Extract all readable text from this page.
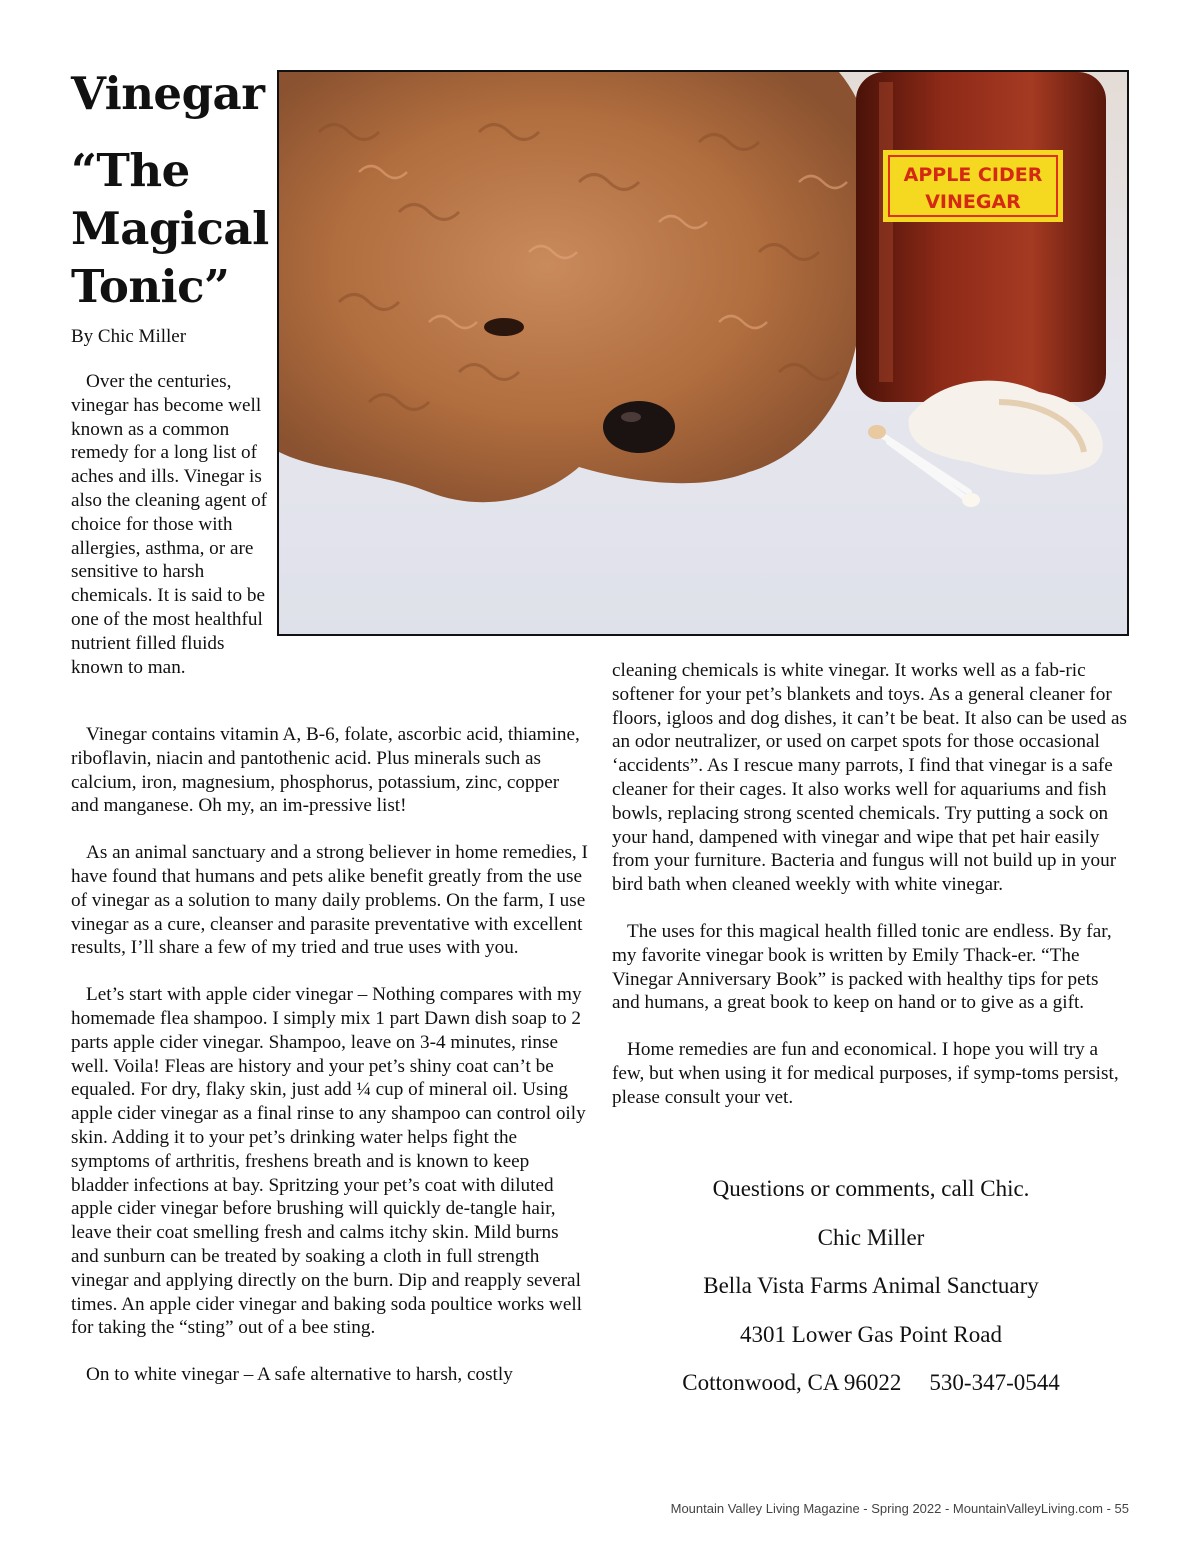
Vinegar
“The Magical Tonic”
By Chic Miller

Over the centuries, vinegar has become well known as a common remedy for a long list of aches and ills. Vinegar is also the cleaning agent of choice for those with allergies, asthma, or are sensitive to harsh chemicals. It is said to be one of the most healthful nutrient filled fluids known to man.

Vinegar contains vitamin A, B-6, folate, ascorbic acid, thiamine, riboflavin, niacin and pantothenic acid. Plus minerals such as calcium, iron, magnesium, phosphorus, potassium, zinc, copper and manganese. Oh my, an im-pressive list!

As an animal sanctuary and a strong believer in home remedies, I have found that humans and pets alike benefit greatly from the use of vinegar as a solution to many daily problems. On the farm, I use vinegar as a cure, cleanser and parasite preventative with excellent results, I’ll share a few of my tried and true uses with you.

Let’s start with apple cider vinegar – Nothing compares with my homemade flea shampoo. I simply mix 1 part Dawn dish soap to 2 parts apple cider vinegar. Shampoo, leave on 3-4 minutes, rinse well. Voila! Fleas are history and your pet’s shiny coat can’t be equaled. For dry, flaky skin, just add ¼ cup of mineral oil. Using apple cider vinegar as a final rinse to any shampoo can control oily skin. Adding it to your pet’s drinking water helps fight the symptoms of arthritis, freshens breath and is known to keep bladder infections at bay. Spritzing your pet’s coat with diluted apple cider vinegar before brushing will quickly de-tangle hair, leave their coat smelling fresh and calms itchy skin. Mild burns and sunburn can be treated by soaking a cloth in full strength vinegar and applying directly on the burn. Dip and reapply several times. An apple cider vinegar and baking soda poultice works well for taking the “sting” out of a bee sting.

On to white vinegar – A safe alternative to harsh, costly

cleaning chemicals is white vinegar. It works well as a fab-ric softener for your pet’s blankets and toys. As a general cleaner for floors, igloos and dog dishes, it can’t be beat. It also can be used as an odor neutralizer, or used on carpet spots for those occasional ‘accidents”. As I rescue many parrots, I find that vinegar is a safe cleaner for their cages. It also works well for aquariums and fish bowls, replacing strong scented chemicals. Try putting a sock on your hand, dampened with vinegar and wipe that pet hair easily from your furniture. Bacteria and fungus will not build up in your bird bath when cleaned weekly with white vinegar.

The uses for this magical health filled tonic are endless. By far, my favorite vinegar book is written by Emily Thack-er. “The Vinegar Anniversary Book” is packed with healthy tips for pets and humans, a great book to keep on hand or to give as a gift.

Home remedies are fun and economical. I hope you will try a few, but when using it for medical purposes, if symp-toms persist, please consult your vet.

Questions or comments, call Chic.
Chic Miller
Bella Vista Farms Animal Sanctuary
4301 Lower Gas Point Road
Cottonwood, CA 96022 530-347-0544
APPLE CIDER
VINEGAR
Mountain Valley Living Magazine - Spring 2022 - MountainValleyLiving.com - 55
